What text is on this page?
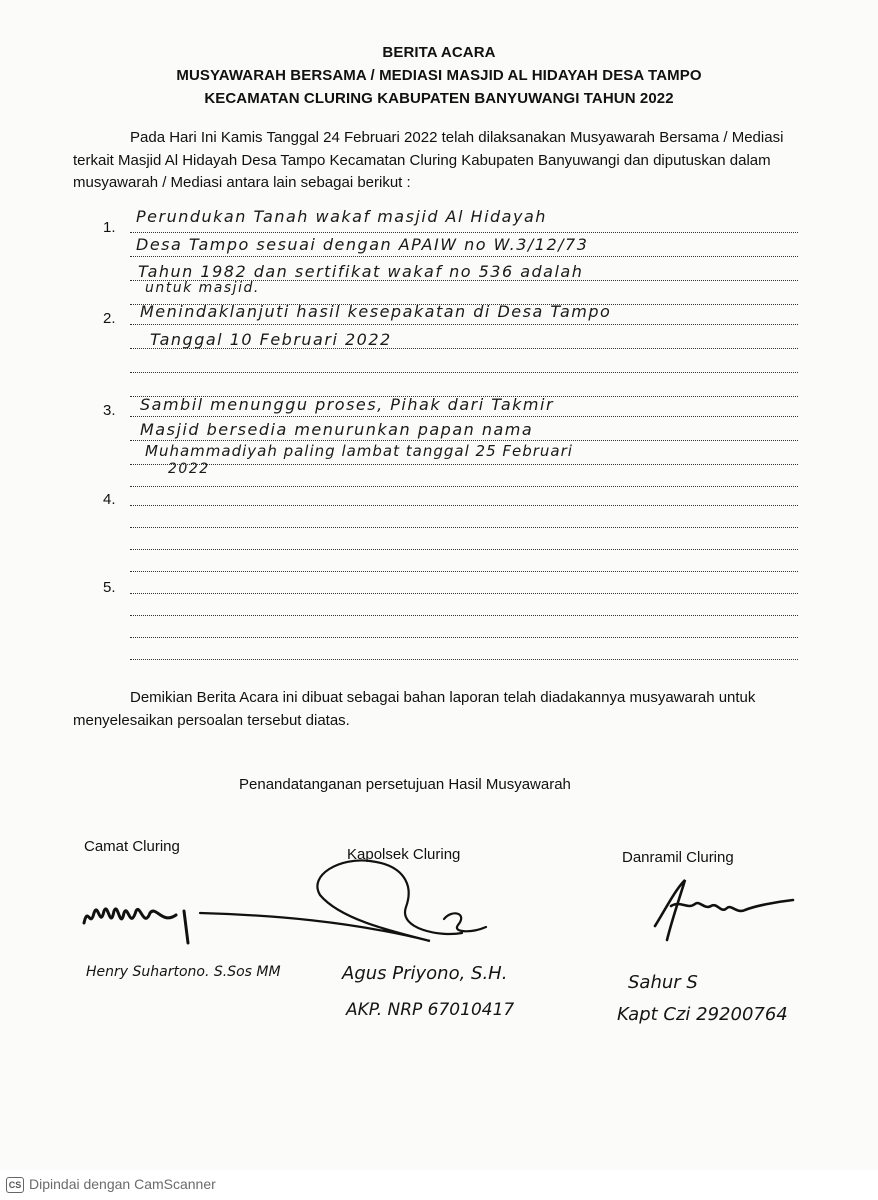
BERITA ACARA
MUSYAWARAH BERSAMA / MEDIASI MASJID AL HIDAYAH DESA TAMPO
KECAMATAN CLURING KABUPATEN BANYUWANGI TAHUN 2022

Pada Hari Ini Kamis Tanggal 24 Februari 2022 telah dilaksanakan Musyawarah Bersama / Mediasi terkait Masjid Al Hidayah Desa Tampo Kecamatan Cluring Kabupaten Banyuwangi dan diputuskan dalam musyawarah / Mediasi antara lain sebagai berikut :

1.
Perundukan Tanah wakaf masjid Al Hidayah
Desa Tampo sesuai dengan APAIW no W.3/12/73
Tahun 1982 dan sertifikat wakaf no 536 adalah
untuk masjid.
2. Menindaklanjuti hasil kesepakatan di Desa Tampo
Tanggal 10 Februari 2022
3. Sambil menunggu proses, Pihak dari Takmir
Masjid bersedia menurunkan papan nama
Muhammadiyah paling lambat tanggal 25 Februari
2022
4.
5.

Demikian Berita Acara ini dibuat sebagai bahan laporan telah diadakannya musyawarah untuk menyelesaikan persoalan tersebut diatas.

Penandatanganan persetujuan Hasil Musyawarah
Camat Cluring	Kapolsek Cluring	Danramil Cluring
Henry Suhartono. S.Sos MM	Agus Priyono, S.H.
AKP. NRP 67010417
Sahur S
Kapt Czi 29200764
CS Dipindai dengan CamScanner
